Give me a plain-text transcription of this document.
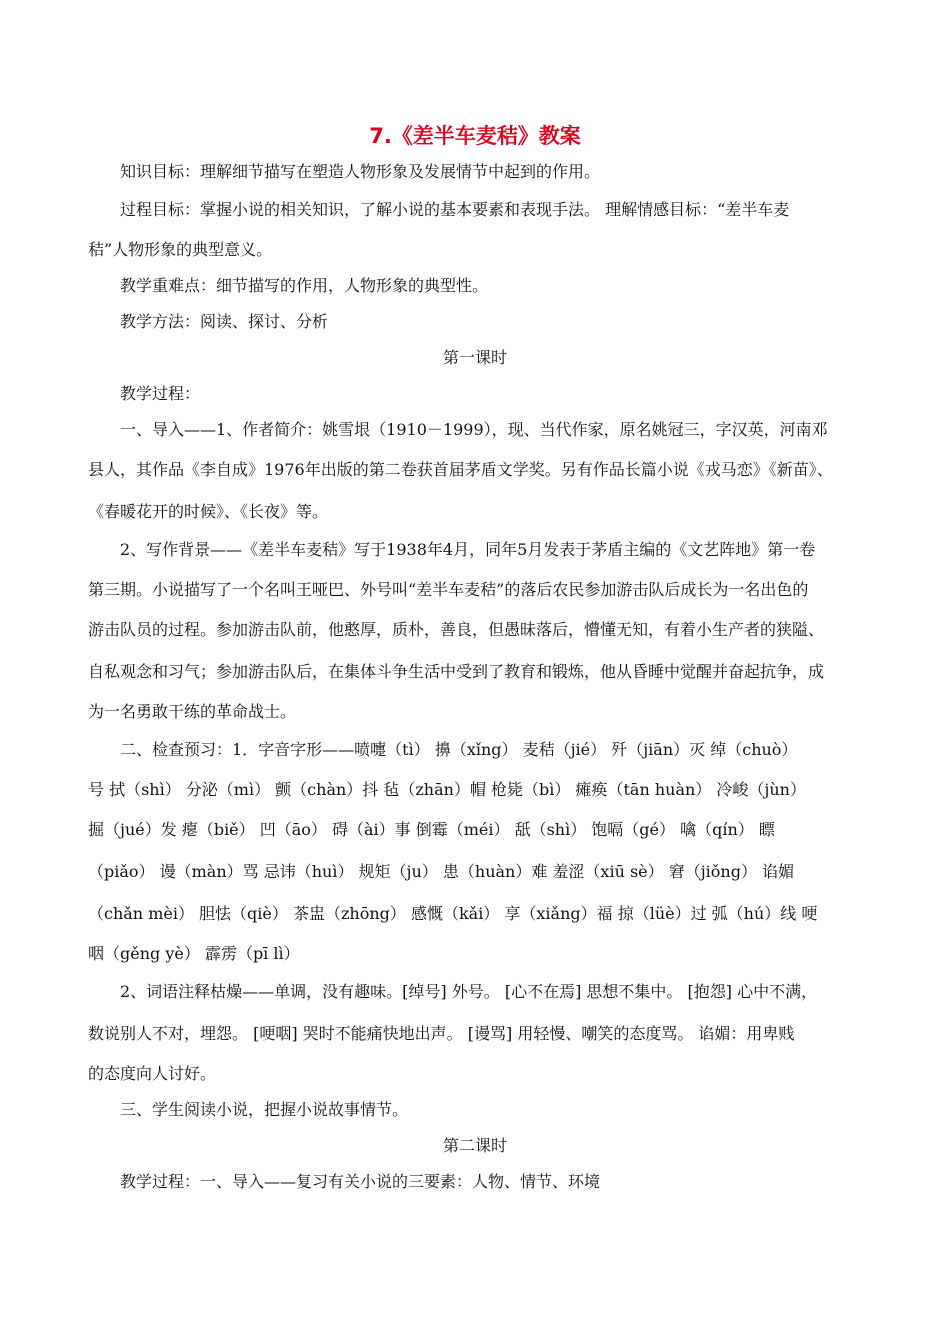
7.《差半车麦秸》教案
知识目标：理解细节描写在塑造人物形象及发展情节中起到的作用。
过程目标：掌握小说的相关知识，了解小说的基本要素和表现手法。 理解情感目标：“差半车麦
秸”人物形象的典型意义。
教学重难点：细节描写的作用，人物形象的典型性。
教学方法：阅读、探讨、分析
第一课时
教学过程：
一、导入——1、作者简介：姚雪垠（1910－1999），现、当代作家，原名姚冠三，字汉英，河南邓
县人，其作品《李自成》1976年出版的第二卷获首届茅盾文学奖。另有作品长篇小说《戎马恋》《新苗》、
《春暖花开的时候》、《长夜》等。
2、写作背景——《差半车麦秸》写于1938年4月，同年5月发表于茅盾主编的《文艺阵地》第一卷
第三期。小说描写了一个名叫王哑巴、外号叫“差半车麦秸”的落后农民参加游击队后成长为一名出色的
游击队员的过程。参加游击队前，他憨厚，质朴，善良，但愚昧落后，懵懂无知，有着小生产者的狭隘、
自私观念和习气；参加游击队后，在集体斗争生活中受到了教育和锻炼，他从昏睡中觉醒并奋起抗争，成
为一名勇敢干练的革命战士。
二、检查预习：1．字音字形——喷嚏（tì） 擤（xǐng） 麦秸（jié） 歼（jiān）灭 绰（chuò）
号 拭（shì） 分泌（mì） 颤（chàn）抖 毡（zhān）帽 枪毙（bì） 瘫痪（tān huàn） 冷峻（jùn）
掘（jué）发 瘪（biě） 凹（āo） 碍（ài）事 倒霉（méi） 舐（shì） 饱嗝（gé） 噙（qín） 瞟
（piǎo） 谩（màn）骂 忌讳（huì） 规矩（ju） 患（huàn）难 羞涩（xiū sè） 窘（jiǒng） 谄媚
（chǎn mèi） 胆怯（qiè） 茶盅（zhōng） 感慨（kǎi） 享（xiǎng）福 掠（lüè）过 弧（hú）线 哽
咽（gěng yè） 霹雳（pī lì）
2、词语注释枯燥——单调，没有趣味。[绰号] 外号。 [心不在焉] 思想不集中。 [抱怨] 心中不满，
数说别人不对，埋怨。 [哽咽] 哭时不能痛快地出声。 [谩骂] 用轻慢、嘲笑的态度骂。 谄媚：用卑贱
的态度向人讨好。
三、学生阅读小说，把握小说故事情节。
第二课时
教学过程：一、导入——复习有关小说的三要素：人物、情节、环境
